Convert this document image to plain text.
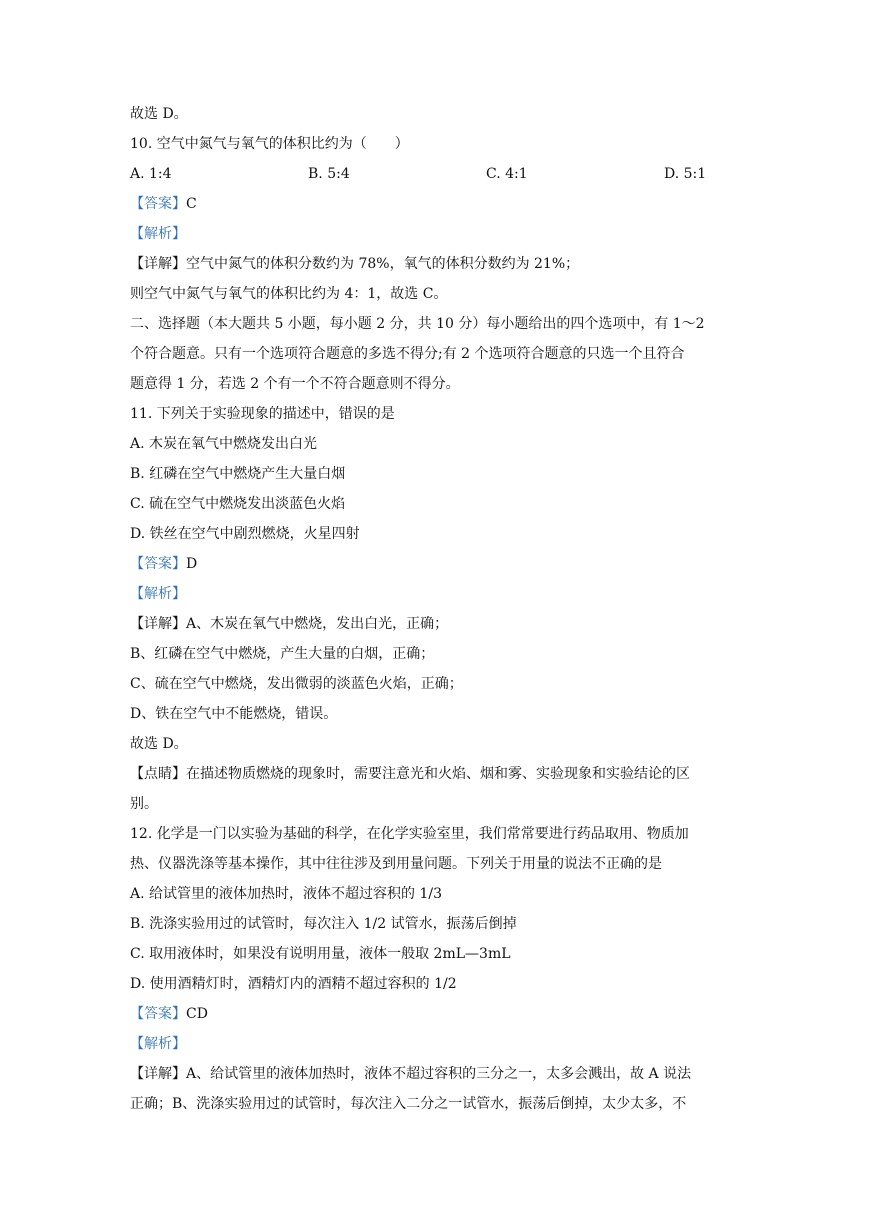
故选 D。
10. 空气中氮气与氧气的体积比约为（　　）
A. 1:4	B. 5:4	C. 4:1	D. 5:1
【答案】C
【解析】
【详解】空气中氮气的体积分数约为 78%，氧气的体积分数约为 21%；
则空气中氮气与氧气的体积比约为 4：1，故选 C。
二、选择题（本大题共 5 小题，每小题 2 分，共 10 分）每小题给出的四个选项中，有 1～2
个符合题意。只有一个选项符合题意的多选不得分;有 2 个选项符合题意的只选一个且符合
题意得 1 分，若选 2 个有一个不符合题意则不得分。
11. 下列关于实验现象的描述中，错误的是
A. 木炭在氧气中燃烧发出白光
B. 红磷在空气中燃烧产生大量白烟
C. 硫在空气中燃烧发出淡蓝色火焰
D. 铁丝在空气中剧烈燃烧，火星四射
【答案】D
【解析】
【详解】A、木炭在氧气中燃烧，发出白光，正确；
B、红磷在空气中燃烧，产生大量的白烟，正确；
C、硫在空气中燃烧，发出微弱的淡蓝色火焰，正确；
D、铁在空气中不能燃烧，错误。
故选 D。
【点睛】在描述物质燃烧的现象时，需要注意光和火焰、烟和雾、实验现象和实验结论的区
别。
12. 化学是一门以实验为基础的科学，在化学实验室里，我们常常要进行药品取用、物质加
热、仪器洗涤等基本操作，其中往往涉及到用量问题。下列关于用量的说法不正确的是
A. 给试管里的液体加热时，液体不超过容积的 1/3
B. 洗涤实验用过的试管时，每次注入 1/2 试管水，振荡后倒掉
C. 取用液体时，如果没有说明用量，液体一般取 2mL—3mL
D. 使用酒精灯时，酒精灯内的酒精不超过容积的 1/2
【答案】CD
【解析】
【详解】A、给试管里的液体加热时，液体不超过容积的三分之一，太多会溅出，故 A 说法
正确；B、洗涤实验用过的试管时，每次注入二分之一试管水，振荡后倒掉，太少太多，不
